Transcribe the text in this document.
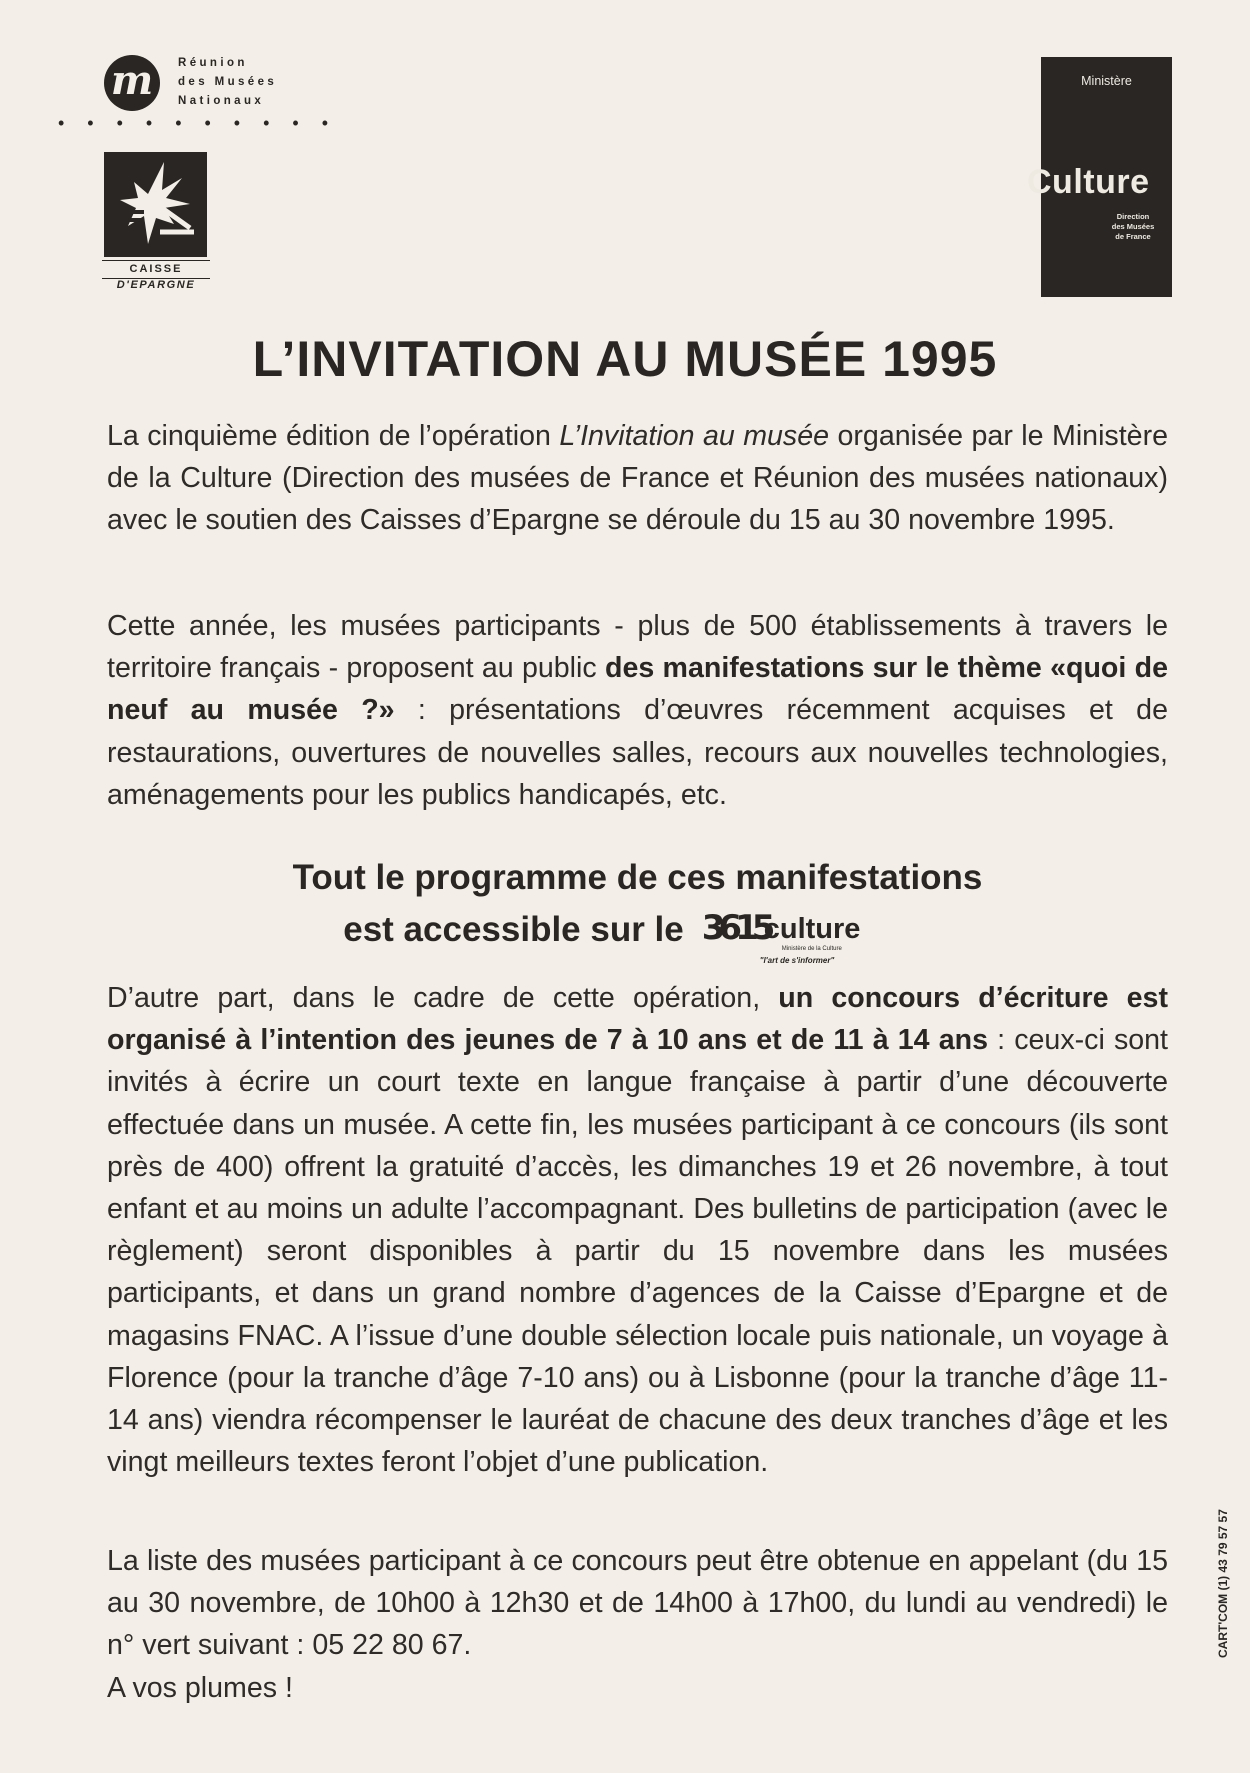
m	Réunion
des Musées
Nationaux
••••••••••
CAISSE
D'EPARGNE
Ministère
Culture
Direction
des Musées
de France
L’INVITATION AU MUSÉE 1995
La cinquième édition de l’opération L’Invitation au musée organisée par le Ministère de la Culture (Direction des musées de France et Réunion des musées nationaux) avec le soutien des Caisses d’Epargne se déroule du 15 au 30 novembre 1995.
Cette année, les musées participants - plus de 500 établissements à travers le territoire français - proposent au public des manifestations sur le thème «quoi de neuf au musée ?» : présentations d’œuvres récemment acquises et de restaurations, ouvertures de nouvelles salles, recours aux nouvelles technologies, aménagements pour les publics handicapés, etc.
Tout le programme de ces manifestations
est accessible sur le 3615
culture
Ministère de la Culture
"l'art de s'informer"
D’autre part, dans le cadre de cette opération, un concours d’écriture est organisé à l’intention des jeunes de 7 à 10 ans et de 11 à 14 ans : ceux-ci sont invités à écrire un court texte en langue française à partir d’une découverte effectuée dans un musée. A cette fin, les musées participant à ce concours (ils sont près de 400) offrent la gratuité d’accès, les dimanches 19 et 26 novembre, à tout enfant et au moins un adulte l’accompagnant. Des bulletins de participation (avec le règlement) seront disponibles à partir du 15 novembre dans les musées participants, et dans un grand nombre d’agences de la Caisse d’Epargne et de magasins FNAC. A l’issue d’une double sélection locale puis nationale, un voyage à Florence (pour la tranche d’âge 7-10 ans) ou à Lisbonne (pour la tranche d’âge 11-14 ans) viendra récompenser le lauréat de chacune des deux tranches d’âge et les vingt meilleurs textes feront l’objet d’une publication.
La liste des musées participant à ce concours peut être obtenue en appelant (du 15 au 30 novembre, de 10h00 à 12h30 et de 14h00 à 17h00, du lundi au vendredi) le n° vert suivant : 05 22 80 67.
A vos plumes !
CART'COM (1) 43 79 57 57
